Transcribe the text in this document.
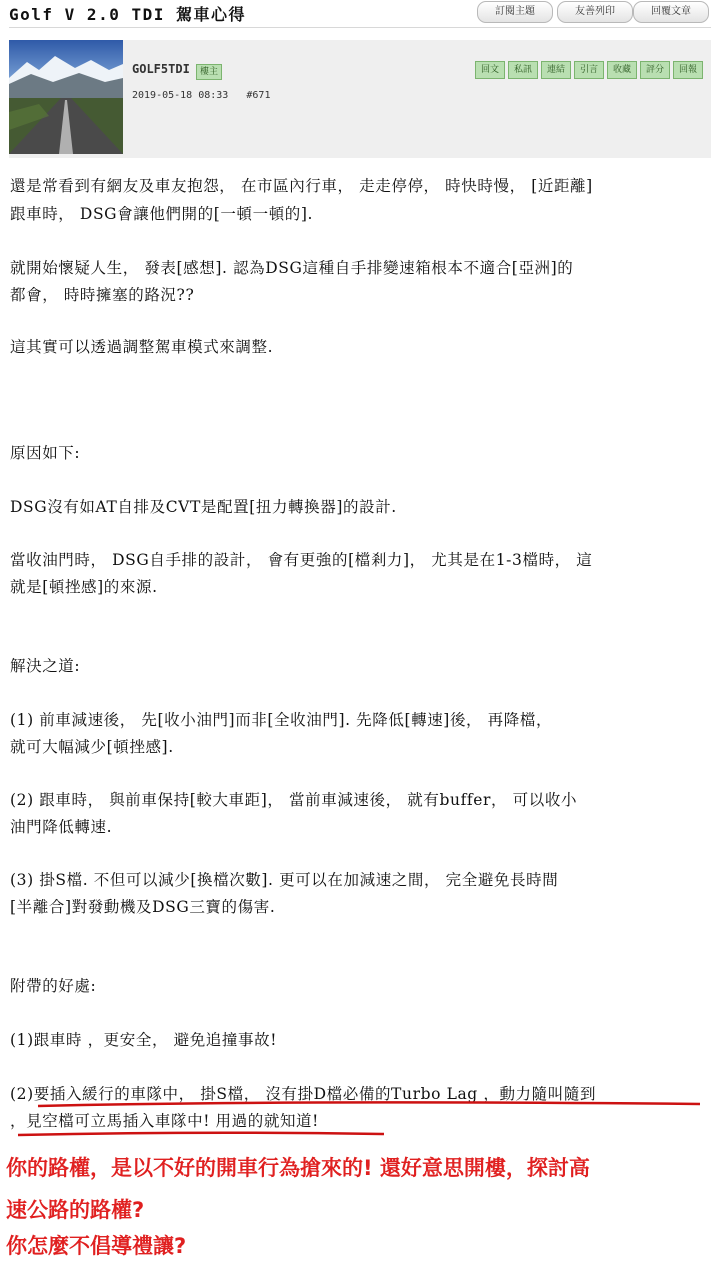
Golf V 2.0 TDI 駕車心得	訂閱主題	友善列印	回覆文章
GOLF5TDI	樓主
2019-05-18 08:33 #671
回文	私訊	連結	引言	收藏	評分	回報
還是常看到有網友及車友抱怨， 在市區內行車， 走走停停， 時快時慢， [近距離]
跟車時， DSG會讓他們開的[一頓一頓的].
就開始懷疑人生， 發表[感想]. 認為DSG這種自手排變速箱根本不適合[亞洲]的
都會， 時時擁塞的路況??
這其實可以透過調整駕車模式來調整.
原因如下:
DSG沒有如AT自排及CVT是配置[扭力轉換器]的設計.
當收油門時， DSG自手排的設計， 會有更強的[檔剎力]， 尤其是在1-3檔時， 這
就是[頓挫感]的來源.
解決之道:
(1) 前車減速後， 先[收小油門]而非[全收油門]. 先降低[轉速]後， 再降檔，
就可大幅減少[頓挫感].
(2) 跟車時， 與前車保持[較大車距]， 當前車減速後， 就有buffer， 可以收小
油門降低轉速.
(3) 掛S檔. 不但可以減少[換檔次數]. 更可以在加減速之間， 完全避免長時間
[半離合]對發動機及DSG三寶的傷害.
附帶的好處:
(1)跟車時 ，更安全， 避免追撞事故!
(2)要插入緩行的車隊中， 掛S檔， 沒有掛D檔必備的Turbo Lag ，動力隨叫隨到
，見空檔可立馬插入車隊中! 用過的就知道!
你的路權，是以不好的開車行為搶來的! 還好意思開樓，探討高
速公路的路權?
你怎麼不倡導禮讓?
